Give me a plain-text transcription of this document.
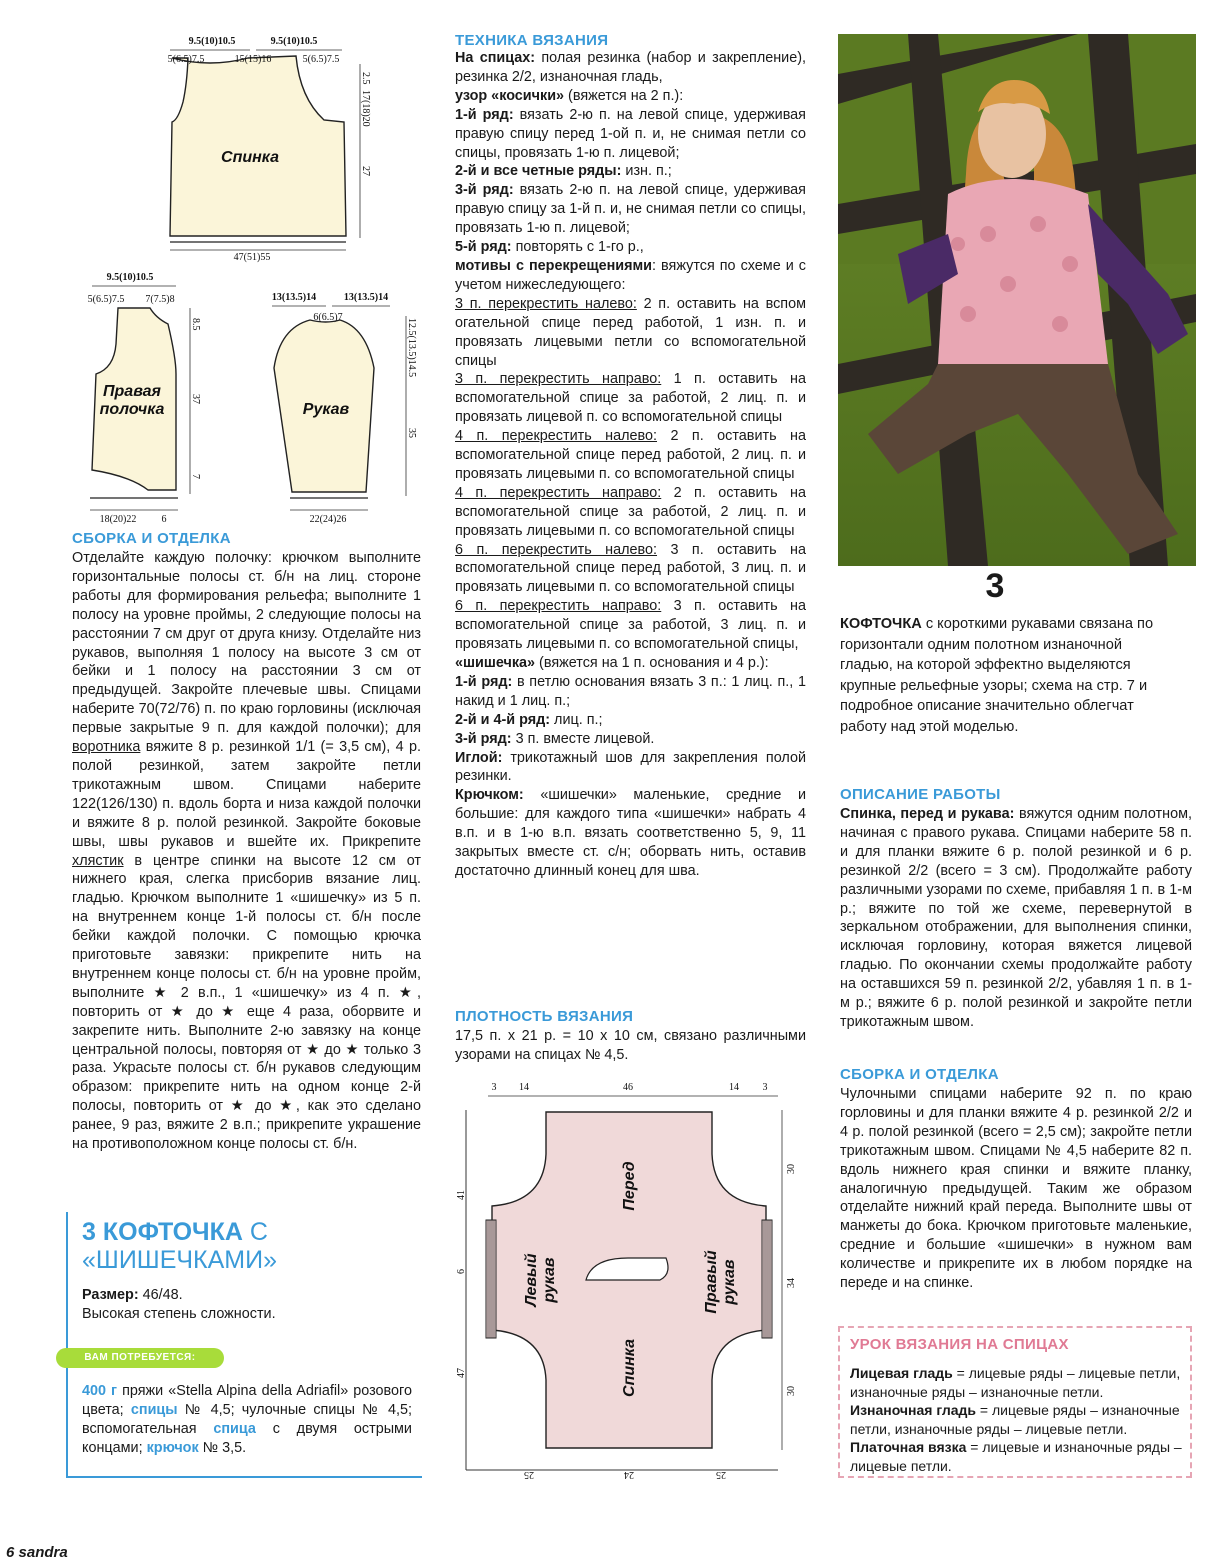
Спинка
9.5(10)10.5	9.5(10)10.5
5(6.5)7.5	15(15)16	5(6.5)7.5
2.5
17(18)20
27
47(51)55
Правая
полочка
9.5(10)10.5
5(6.5)7.5 7(7.5)8
8.5
37
7
18(20)22	6
Рукав
13(13.5)14	13(13.5)14
6(6.5)7
12.5(13.5)14.5
35
22(24)26
СБОРКА И ОТДЕЛКА
Отделайте каждую полочку: крючком выполните горизонтальные полосы ст. б/н на лиц. стороне работы для формирования рельефа; выполните 1 полосу на уровне проймы, 2 следующие полосы на расстоянии 7 см друг от друга книзу. Отделайте низ рукавов, выполняя 1 полосу на высоте 3 см от бейки и 1 полосу на расстоянии 3 см от предыдущей. Закройте плечевые швы. Спицами наберите 70(72/76) п. по краю горловины (исключая первые закрытые 9 п. для каждой полочки); для воротника вяжите 8 р. резинкой 1/1 (= 3,5 см), 4 р. полой резинкой, затем закройте петли трикотажным швом. Спицами наберите 122(126/130) п. вдоль борта и низа каждой полочки и вяжите 8 р. полой резинкой. Закройте боковые швы, швы рукавов и вшейте их. Прикрепите хлястик в центре спинки на высоте 12 см от нижнего края, слегка присборив вязание лиц. гладью. Крючком выполните 1 «шишечку» из 5 п. на внутреннем конце 1-й полосы ст. б/н после бейки каждой полочки. С помощью крючка приготовьте завязки: прикрепите нить на внутреннем конце полосы ст. б/н на уровне пройм, выполните ★ 2 в.п., 1 «шишечку» из 4 п. ★, повторить от ★ до ★ еще 4 раза, оборвите и закрепите нить. Выполните 2-ю завязку на конце центральной полосы, повторяя от ★ до ★ только 3 раза. Украсьте полосы ст. б/н рукавов следующим образом: прикрепите нить на одном конце 2-й полосы, повторить от ★ до ★, как это сделано ранее, 9 раз, вяжите 2 в.п.; прикрепите украшение на противоположном конце полосы ст. б/н.
3 КОФТОЧКА С «ШИШЕЧКАМИ»
Размер: 46/48.
Высокая степень сложности.
ВАМ ПОТРЕБУЕТСЯ:
400 г пряжи «Stella Alpina della Adriafil» розового цвета; спицы № 4,5; чулочные спицы № 4,5; вспомогательная спица с двумя острыми концами; крючок № 3,5.
ТЕХНИКА ВЯЗАНИЯ

На спицах: полая резинка (набор и закрепление), резинка 2/2, изнаночная гладь,

узор «косички» (вяжется на 2 п.):

1-й ряд: вязать 2-ю п. на левой спице, удерживая правую спицу перед 1-ой п. и, не снимая петли со спицы, провязать 1-ю п. лицевой;

2-й и все четные ряды: изн. п.;

3-й ряд: вязать 2-ю п. на левой спице, удерживая правую спицу за 1-й п. и, не снимая петли со спицы, провязать 1-ю п. лицевой;

5-й ряд: повторять с 1-го р.,

мотивы с перекрещениями: вяжутся по схеме и с учетом нижеследующего:

3 п. перекрестить налево: 2 п. оставить на вспом огательной спице перед работой, 1 изн. п. и провязать лицевыми петли со вспомогательной спицы

3 п. перекрестить направо: 1 п. оставить на вспомогательной спице за работой, 2 лиц. п. и провязать лицевой п. со вспомогательной спицы

4 п. перекрестить налево: 2 п. оставить на вспомогательной спице перед работой, 2 лиц. п. и провязать лицевыми п. со вспомогательной спицы

4 п. перекрестить направо: 2 п. оставить на вспомогательной спице за работой, 2 лиц. п. и провязать лицевыми п. со вспомогательной спицы

6 п. перекрестить налево: 3 п. оставить на вспомогательной спице перед работой, 3 лиц. п. и провязать лицевыми п. со вспомогательной спицы

6 п. перекрестить направо: 3 п. оставить на вспомогательной спице за работой, 3 лиц. п. и провязать лицевыми п. со вспомогательной спицы,

«шишечка» (вяжется на 1 п. основания и 4 р.):

1-й ряд: в петлю основания вязать 3 п.: 1 лиц. п., 1 накид и 1 лиц. п.;

2-й и 4-й ряд: лиц. п.;

3-й ряд: 3 п. вместе лицевой.

Иглой: трикотажный шов для закрепления полой резинки.

Крючком: «шишечки» маленькие, средние и большие: для каждого типа «шишечки» набрать 4 в.п. и в 1-ю в.п. вязать соответственно 5, 9, 11 закрытых вместе ст. с/н; оборвать нить, оставив достаточно длинный конец для шва.

ПЛОТНОСТЬ ВЯЗАНИЯ
17,5 п. х 21 р. = 10 х 10 см, связано различными узорами на спицах № 4,5.
3 14	46	14 3
41
6
47
30
34
30
25	24	25
Перед
Спинка
Левый рукав	Правый рукав
3
КОФТОЧКА с короткими рукавами связана по горизонтали одним полотном изнаночной гладью, на которой эффектно выделяются крупные рельефные узоры; схема на стр. 7 и подробное описание значительно облегчат работу над этой моделью.
ОПИСАНИЕ РАБОТЫ
Спинка, перед и рукава: вяжутся одним полотном, начиная с правого рукава. Спицами наберите 58 п. и для планки вяжите 6 р. полой резинкой и 6 р. резинкой 2/2 (всего = 3 см). Продолжайте работу различными узорами по схеме, прибавляя 1 п. в 1-м р.; вяжите по той же схеме, перевернутой в зеркальном отображении, для выполнения спинки, исключая горловину, которая вяжется лицевой гладью. По окончании схемы продолжайте работу на оставшихся 59 п. резинкой 2/2, убавляя 1 п. в 1-м р.; вяжите 6 р. полой резинкой и закройте петли трикотажным швом.
СБОРКА И ОТДЕЛКА
Чулочными спицами наберите 92 п. по краю горловины и для планки вяжите 4 р. резинкой 2/2 и 4 р. полой резинкой (всего = 2,5 см); закройте петли трикотажным швом. Спицами № 4,5 наберите 82 п. вдоль нижнего края спинки и вяжите планку, аналогичную предыдущей. Таким же образом отделайте нижний край переда. Выполните швы от манжеты до бока. Крючком приготовьте маленькие, средние и большие «шишечки» в нужном вам количестве и прикрепите их в любом порядке на переде и на спинке.
УРОК ВЯЗАНИЯ НА СПИЦАХ

Лицевая гладь = лицевые ряды – лицевые петли, изнаночные ряды – изнаночные петли.

Изнаночная гладь = лицевые ряды – изнаночные петли, изнаночные ряды – лицевые петли.

Платочная вязка = лицевые и изнаночные ряды – лицевые петли.

6 sandra
